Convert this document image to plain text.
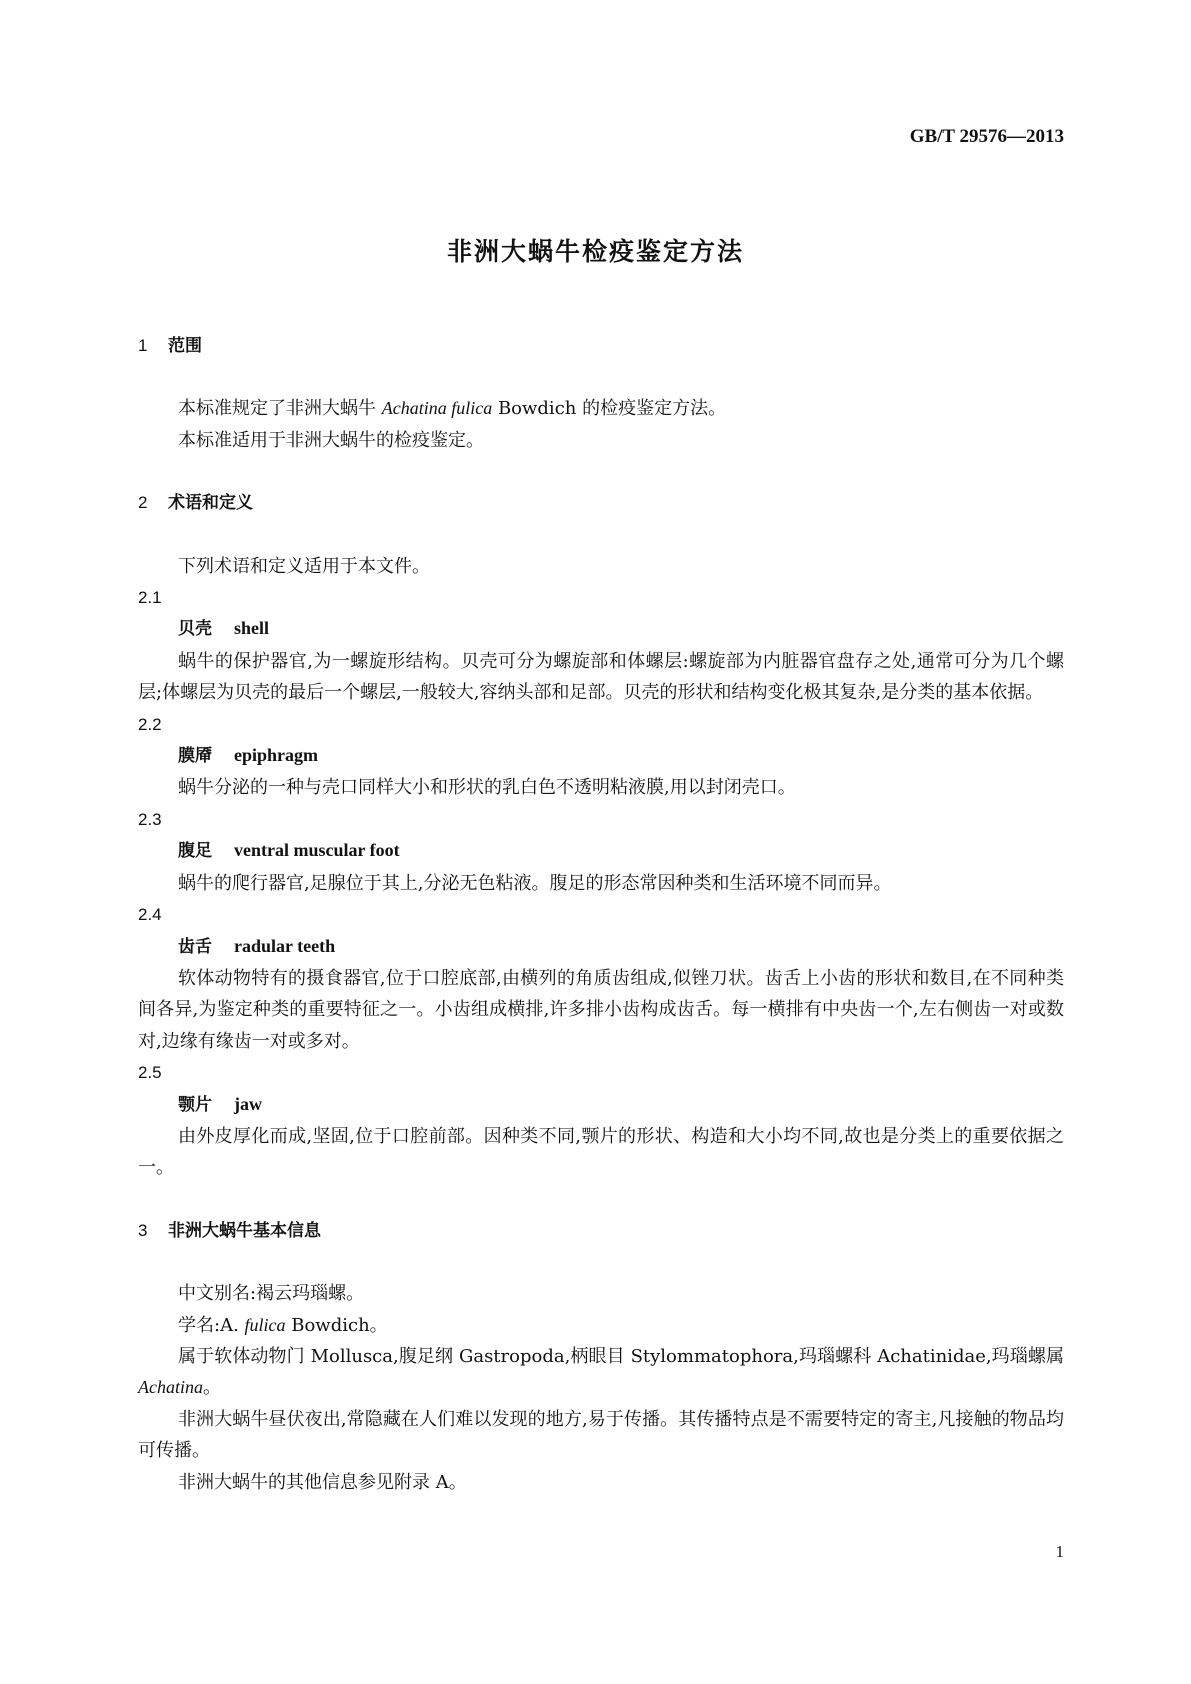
GB/T 29576—2013
非洲大蜗牛检疫鉴定方法
1 范围

本标准规定了非洲大蜗牛 Achatina fulica Bowdich 的检疫鉴定方法。

本标准适用于非洲大蜗牛的检疫鉴定。

2 术语和定义

下列术语和定义适用于本文件。

2.1
贝壳 shell

蜗牛的保护器官,为一螺旋形结构。贝壳可分为螺旋部和体螺层:螺旋部为内脏器官盘存之处,通常可分为几个螺层;体螺层为贝壳的最后一个螺层,一般较大,容纳头部和足部。贝壳的形状和结构变化极其复杂,是分类的基本依据。

2.2
膜厣 epiphragm

蜗牛分泌的一种与壳口同样大小和形状的乳白色不透明粘液膜,用以封闭壳口。

2.3
腹足 ventral muscular foot

蜗牛的爬行器官,足腺位于其上,分泌无色粘液。腹足的形态常因种类和生活环境不同而异。

2.4
齿舌 radular teeth

软体动物特有的摄食器官,位于口腔底部,由横列的角质齿组成,似锉刀状。齿舌上小齿的形状和数目,在不同种类间各异,为鉴定种类的重要特征之一。小齿组成横排,许多排小齿构成齿舌。每一横排有中央齿一个,左右侧齿一对或数对,边缘有缘齿一对或多对。

2.5
颚片 jaw

由外皮厚化而成,坚固,位于口腔前部。因种类不同,颚片的形状、构造和大小均不同,故也是分类上的重要依据之一。

3 非洲大蜗牛基本信息

中文别名:褐云玛瑙螺。

学名:A. fulica Bowdich。

属于软体动物门 Mollusca,腹足纲 Gastropoda,柄眼目 Stylommatophora,玛瑙螺科 Achatinidae,玛瑙螺属 Achatina。

非洲大蜗牛昼伏夜出,常隐藏在人们难以发现的地方,易于传播。其传播特点是不需要特定的寄主,凡接触的物品均可传播。

非洲大蜗牛的其他信息参见附录 A。

1
